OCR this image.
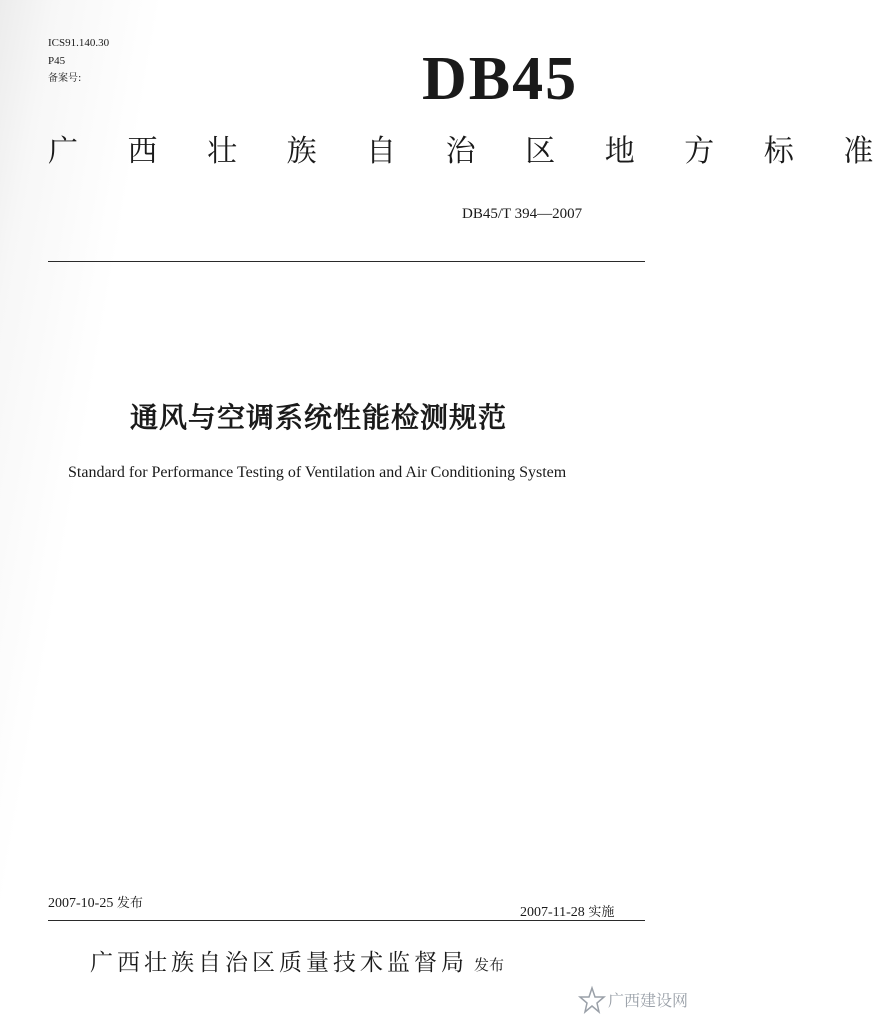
ICS91.140.30
P45
备案号:	DB45
广 西 壮 族 自 治 区 地 方 标 准
DB45/T 394—2007
通风与空调系统性能检测规范
Standard for Performance Testing of Ventilation and Air Conditioning System
2007-10-25 发布
2007-11-28 实施
广西壮族自治区质量技术监督局 发布
广西建设网
